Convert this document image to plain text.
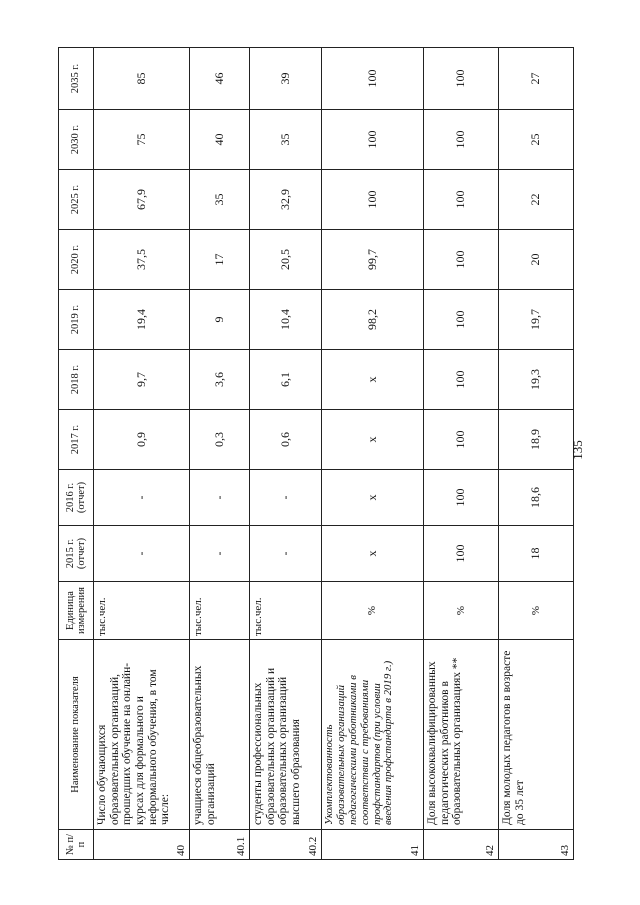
№ п/п	Наименование показателя	Единица измерения	2015 г. (отчет)	2016 г. (отчет)	2017 г.	2018 г.	2019 г.	2020 г.	2025 г.	2030 г.	2035 г.
40	Число обучающихся образовательных организаций, прошедших обучение на онлайн-курсах для формального и неформального обучения, в том числе:	тыс.чел.	-	-	0,9	9,7	19,4	37,5	67,9	75	85
40.1	учащиеся общеобразовательных организаций	тыс.чел.	-	-	0,3	3,6	9	17	35	40	46
40.2	студенты профессиональных образовательных организаций и образовательных организаций высшего образования	тыс.чел.	-	-	0,6	6,1	10,4	20,5	32,9	35	39
41	Укомплектованность образовательных организаций педагогическими работниками в соответствии с требованиями профстандартов (при условии введения профстандарта в 2019 г.)	%	x	x	x	x	98,2	99,7	100	100	100
42	Доля высококвалифицированных педагогических работников в образовательных организациях **	%	100	100	100	100	100	100	100	100	100
43	Доля молодых педагогов в возрасте до 35 лет	%	18	18,6	18,9	19,3	19,7	20	22	25	27
135
